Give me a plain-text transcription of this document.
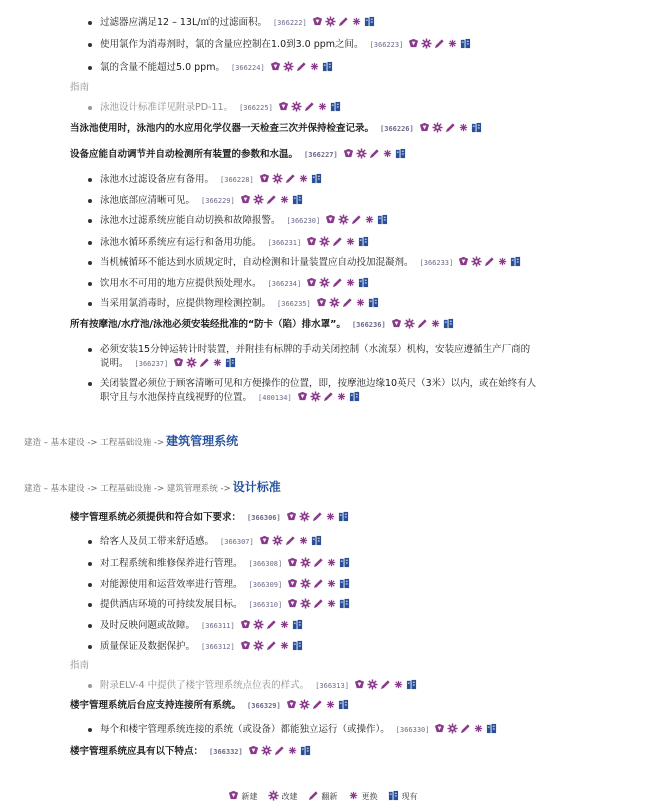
过滤器应满足12 – 13L/㎡的过滤面积。 [366222]
使用氯作为消毒剂时，氯的含量应控制在1.0到3.0 ppm之间。 [366223]
氯的含量不能超过5.0 ppm。 [366224]
指南
泳池设计标准详见附录PD-11。 [366225]
当泳池使用时，泳池内的水应用化学仪器一天检查三次并保持检查记录。 [366226]
设备应能自动调节并自动检测所有装置的参数和水温。 [366227]
泳池水过滤设备应有备用。 [366228]
泳池底部应清晰可见。 [366229]
泳池水过滤系统应能自动切换和故障报警。 [366230]
泳池水循环系统应有运行和备用功能。 [366231]
当机械循环不能达到水质规定时，自动检测和计量装置应自动投加混凝剂。 [366233]
饮用水不可用的地方应提供预处理水。 [366234]
当采用氯消毒时，应提供物理检测控制。 [366235]
所有按摩池/水疗池/泳池必须安装经批准的“防卡（陷）排水罩”。 [366236]
楼宇管理系统必须提供和符合如下要求： [366306]
给客人及员工带来舒适感。 [366307]
对工程系统和维修保养进行管理。 [366308]
对能源使用和运营效率进行管理。 [366309]
提供酒店环境的可持续发展目标。 [366310]
及时反映问题或故障。 [366311]
质量保证及数据保护。 [366312]
指南
附录ELV-4 中提供了楼宇管理系统点位表的样式。 [366313]
楼宇管理系统后台应支持连接所有系统。 [366329]
每个和楼宇管理系统连接的系统（或设备）都能独立运行（或操作）。 [366330]
楼宇管理系统应具有以下特点： [366332]
必须安装15分钟运转计时装置，并附挂有标牌的手动关闭控制（水流泵）机构，安装应遵循生产厂商的
说明。 [366237]
关闭装置必须位于顾客清晰可见和方便操作的位置，即，按摩池边缘10英尺（3米）以内，或在始终有人
职守且与水池保持直线视野的位置。 [400134]
建造 – 基本建设 -> 工程基础设施 -> 建筑管理系统
建造 – 基本建设 -> 工程基础设施 -> 建筑管理系统 -> 设计标准
新建	改建	翻新	更换	现有
